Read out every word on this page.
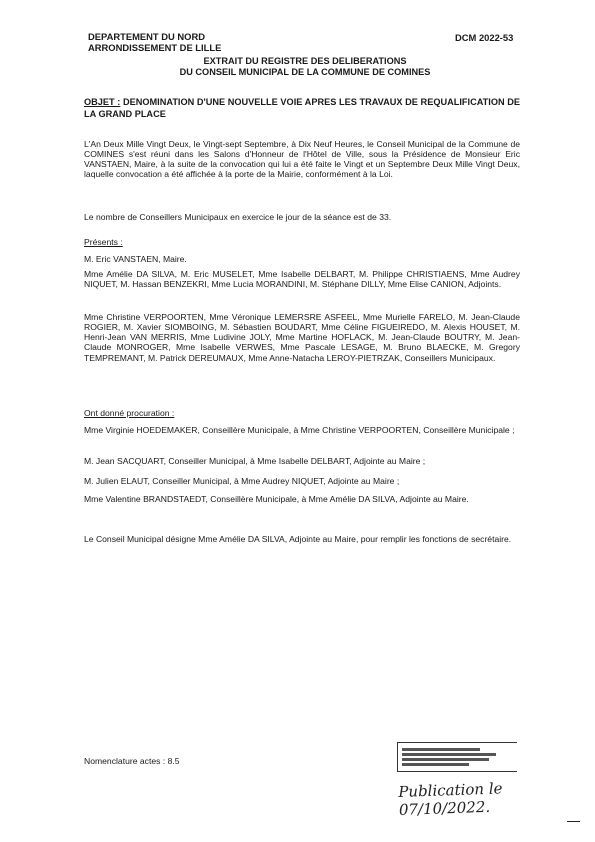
DEPARTEMENT DU NORD
ARRONDISSEMENT DE LILLE
DCM 2022-53
EXTRAIT DU REGISTRE DES DELIBERATIONS
DU CONSEIL MUNICIPAL DE LA COMMUNE DE COMINES
OBJET : DENOMINATION D'UNE NOUVELLE VOIE APRES LES TRAVAUX DE REQUALIFICATION DE LA GRAND PLACE
L'An Deux Mille Vingt Deux, le Vingt-sept Septembre, à Dix Neuf Heures, le Conseil Municipal de la Commune de COMINES s'est réuni dans les Salons d'Honneur de l'Hôtel de Ville, sous la Présidence de Monsieur Eric VANSTAEN, Maire, à la suite de la convocation qui lui a été faite le Vingt et un Septembre Deux Mille Vingt Deux, laquelle convocation a été affichée à la porte de la Mairie, conformément à la Loi.
Le nombre de Conseillers Municipaux en exercice le jour de la séance est de 33.
Présents :
M. Eric VANSTAEN, Maire.
Mme Amélie DA SILVA, M. Eric MUSELET, Mme Isabelle DELBART, M. Philippe CHRISTIAENS, Mme Audrey NIQUET, M. Hassan BENZEKRI, Mme Lucia MORANDINI, M. Stéphane DILLY, Mme Elise CANION, Adjoints.
Mme Christine VERPOORTEN, Mme Véronique LEMERSRE ASFEEL, Mme Murielle FARELO, M. Jean-Claude ROGIER, M. Xavier SIOMBOING, M. Sébastien BOUDART, Mme Céline FIGUEIREDO, M. Alexis HOUSET, M. Henri-Jean VAN MERRIS, Mme Ludivine JOLY, Mme Martine HOFLACK, M. Jean-Claude BOUTRY, M. Jean-Claude MONROGER, Mme Isabelle VERWES, Mme Pascale LESAGE, M. Bruno BLAECKE, M. Gregory TEMPREMANT, M. Patrick DEREUMAUX, Mme Anne-Natacha LEROY-PIETRZAK, Conseillers Municipaux.
Ont donné procuration :
Mme Virginie HOEDEMAKER, Conseillère Municipale, à Mme Christine VERPOORTEN, Conseillère Municipale ;
M. Jean SACQUART, Conseiller Municipal, à Mme Isabelle DELBART, Adjointe au Maire ;
M. Julien ELAUT, Conseiller Municipal, à Mme Audrey NIQUET, Adjointe au Maire ;
Mme Valentine BRANDSTAEDT, Conseillère Municipale, à Mme Amélie DA SILVA, Adjointe au Maire.
Le Conseil Municipal désigne Mme Amélie DA SILVA, Adjointe au Maire, pour remplir les fonctions de secrétaire.
Nomenclature actes : 8.5
Publication le 07/10/2022.
